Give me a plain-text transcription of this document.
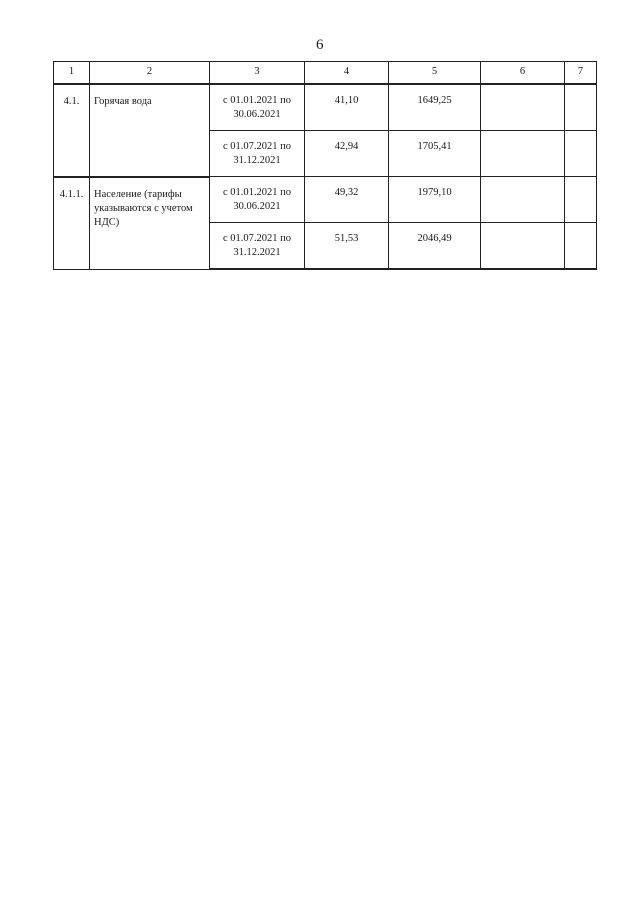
6
1	2	3	4	5	6	7
4.1.	Горячая вода	с 01.01.2021 по
30.06.2021	41,10	1649,25		

		с 01.07.2021 по
31.12.2021	42,94	1705,41		
4.1.1.	Население (тарифы указываются с учетом НДС)	с 01.01.2021 по
30.06.2021	49,32	1979,10		

		с 01.07.2021 по
31.12.2021	51,53	2046,49		
